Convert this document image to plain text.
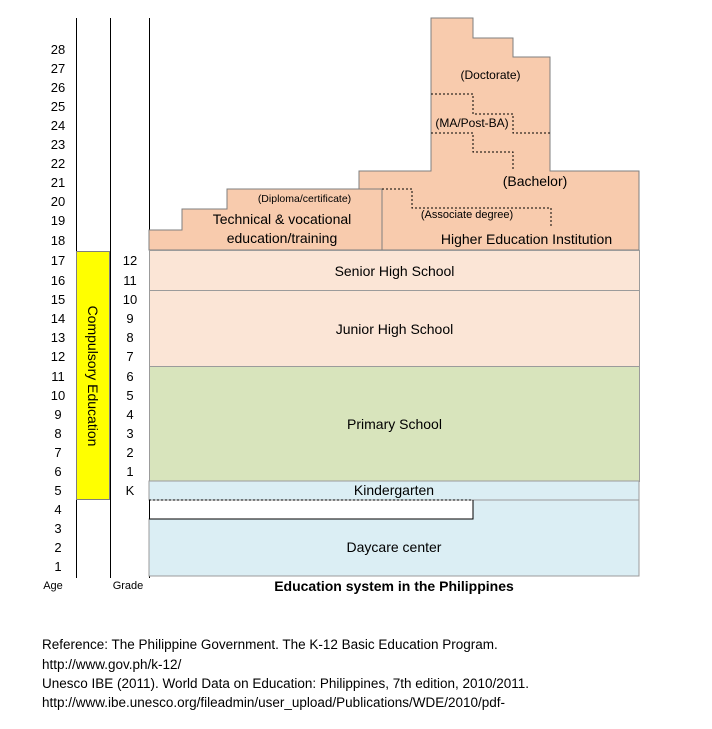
28
27
26
25
24
23
22
21
20
19
18
17
16
15
14
13
12
11
10
9
8
7
6
5
4
3
2
1
12
11
10
9
8
7
6
5
4
3
2
1
K
Compulsory Education
(Diploma/certificate)
Technical & vocational
education/training
(Associate degree)
Higher Education Institution
(Bachelor)
(MA/Post-BA)
(Doctorate)
Senior High School
Junior High School
Primary School
Kindergarten
Daycare center
Age	Grade	Education system in the Philippines
Reference: The Philippine Government. The K-12 Basic Education Program.
http://www.gov.ph/k-12/
Unesco IBE (2011). World Data on Education: Philippines, 7th edition, 2010/2011.
http://www.ibe.unesco.org/fileadmin/user_upload/Publications/WDE/2010/pdf-
